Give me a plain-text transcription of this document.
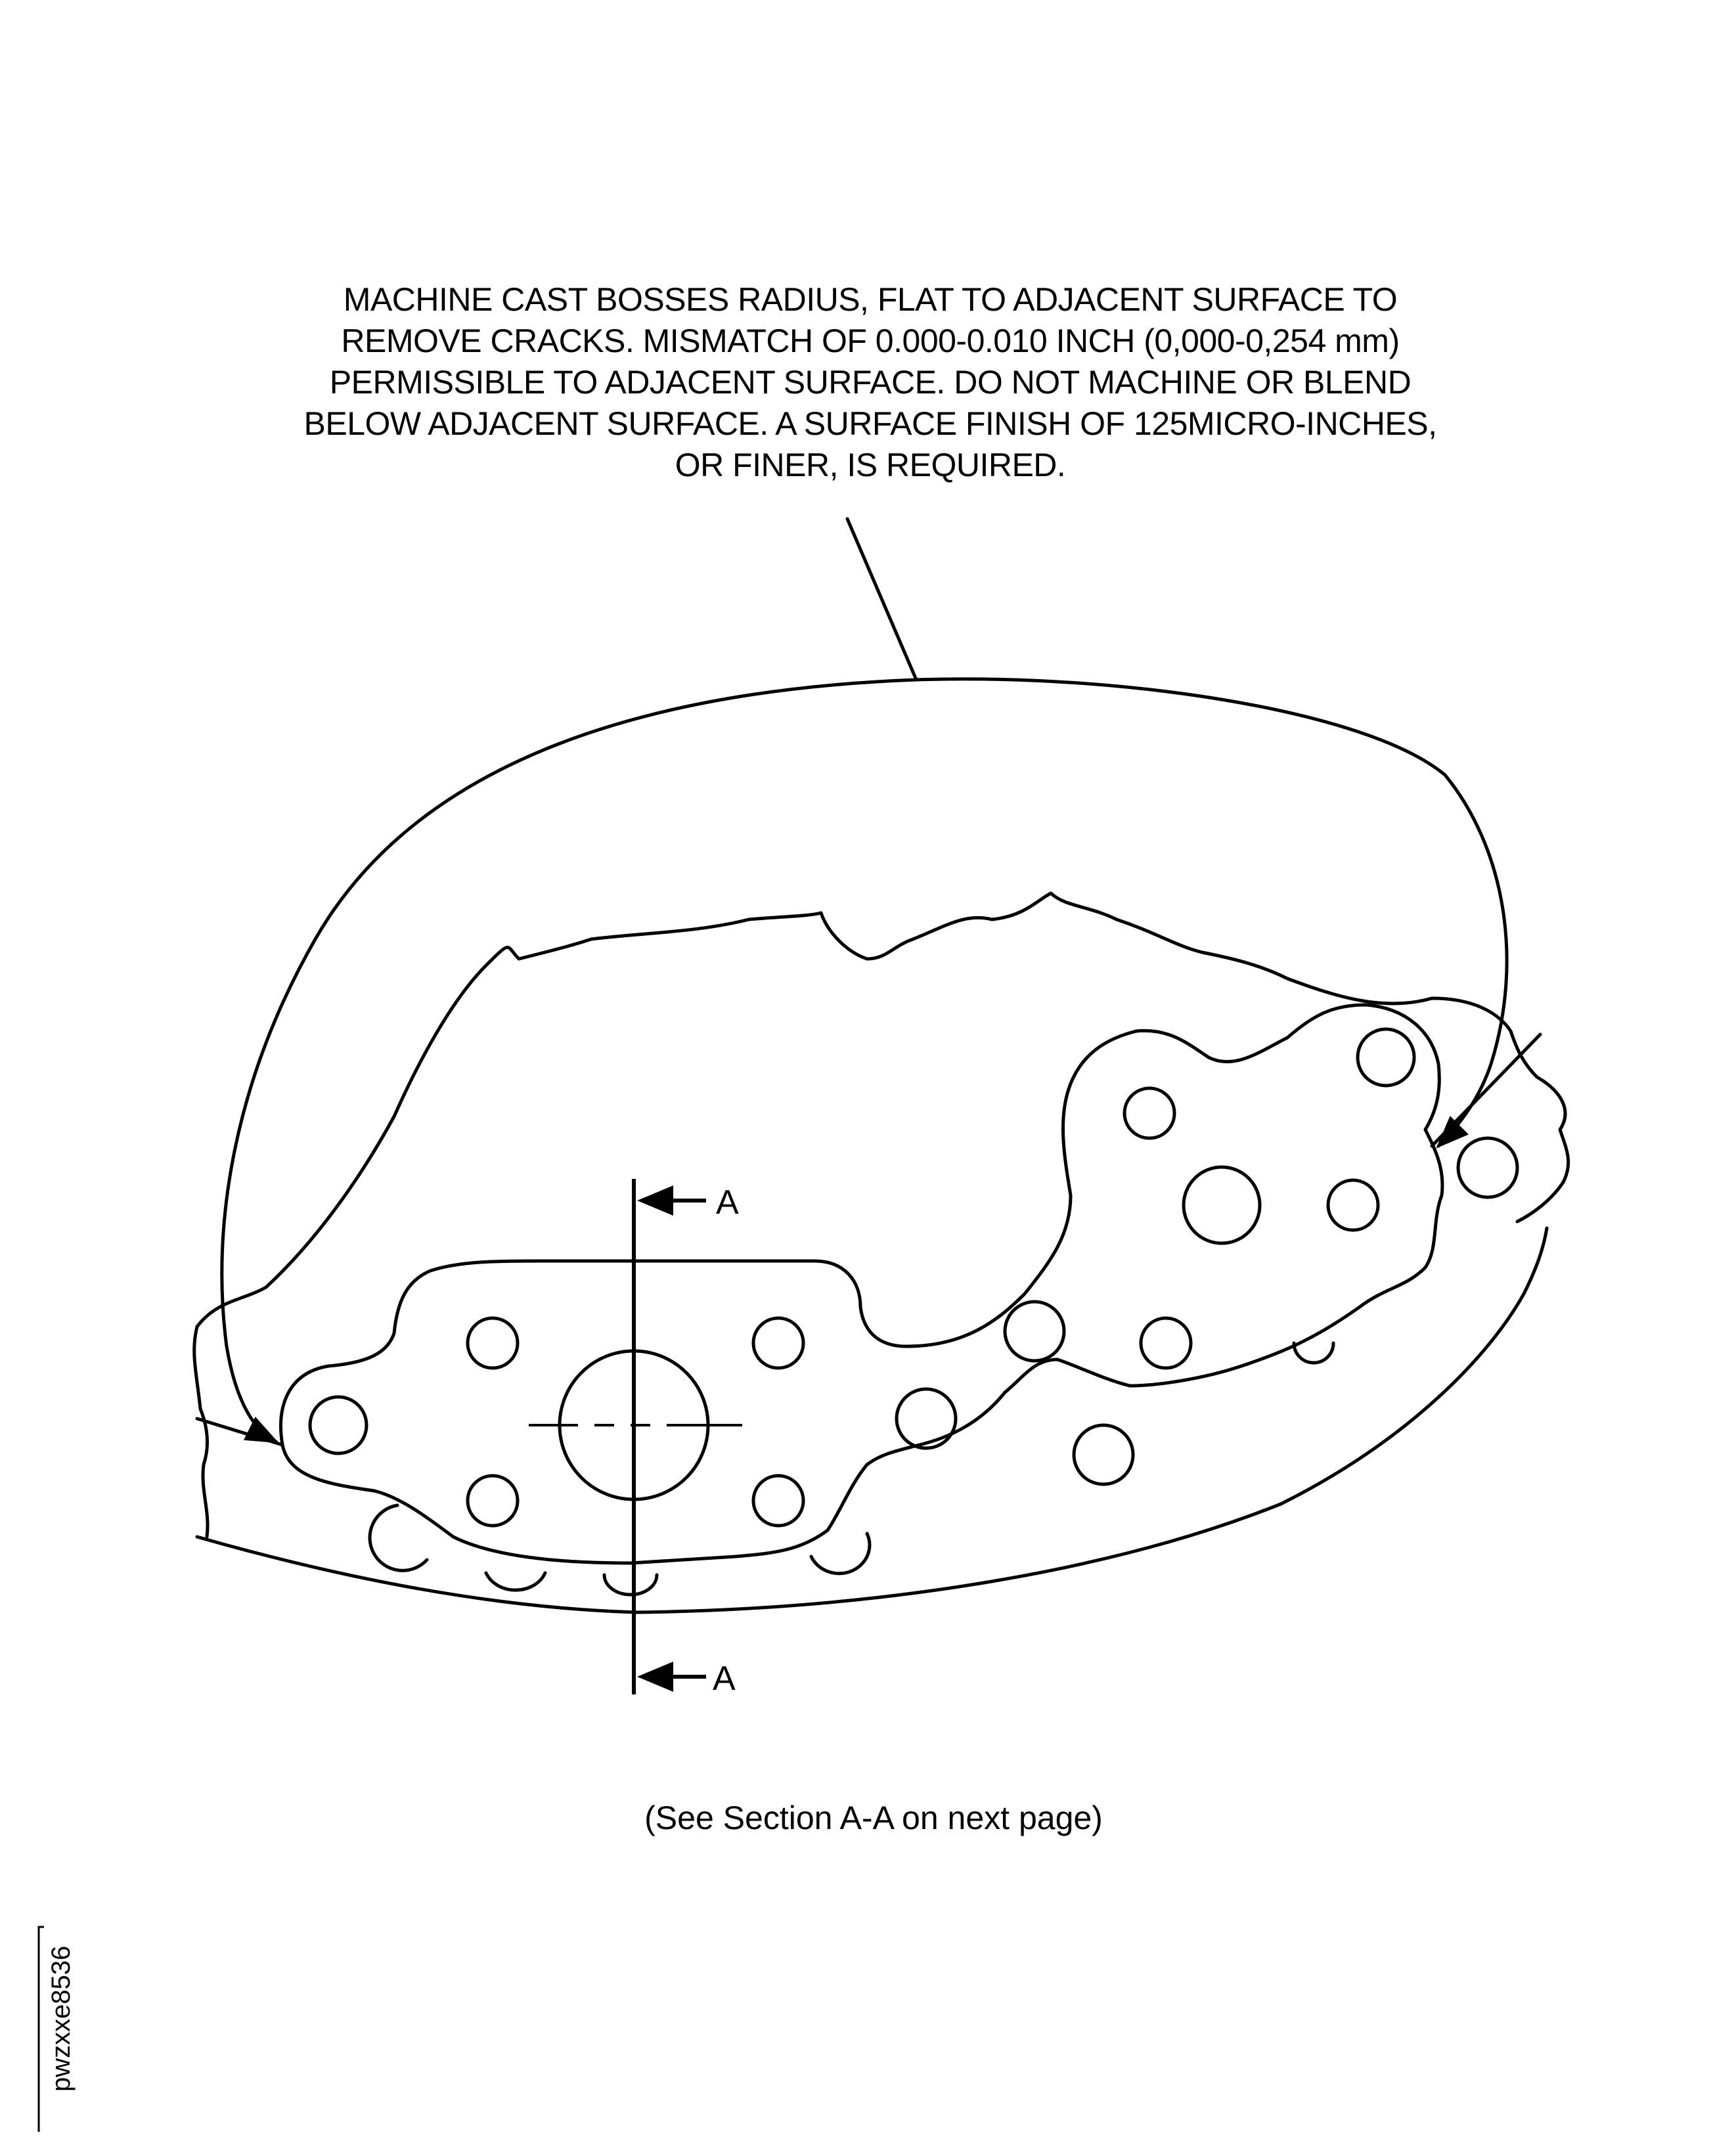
MACHINE CAST BOSSES RADIUS, FLAT TO ADJACENT SURFACE TO
REMOVE CRACKS. MISMATCH OF 0.000-0.010 INCH (0,000-0,254 mm)
PERMISSIBLE TO ADJACENT SURFACE. DO NOT MACHINE OR BLEND
BELOW ADJACENT SURFACE. A SURFACE FINISH OF 125MICRO-INCHES,
OR FINER, IS REQUIRED.
A
A
(See Section A-A on next page)
pwzxxe8536
